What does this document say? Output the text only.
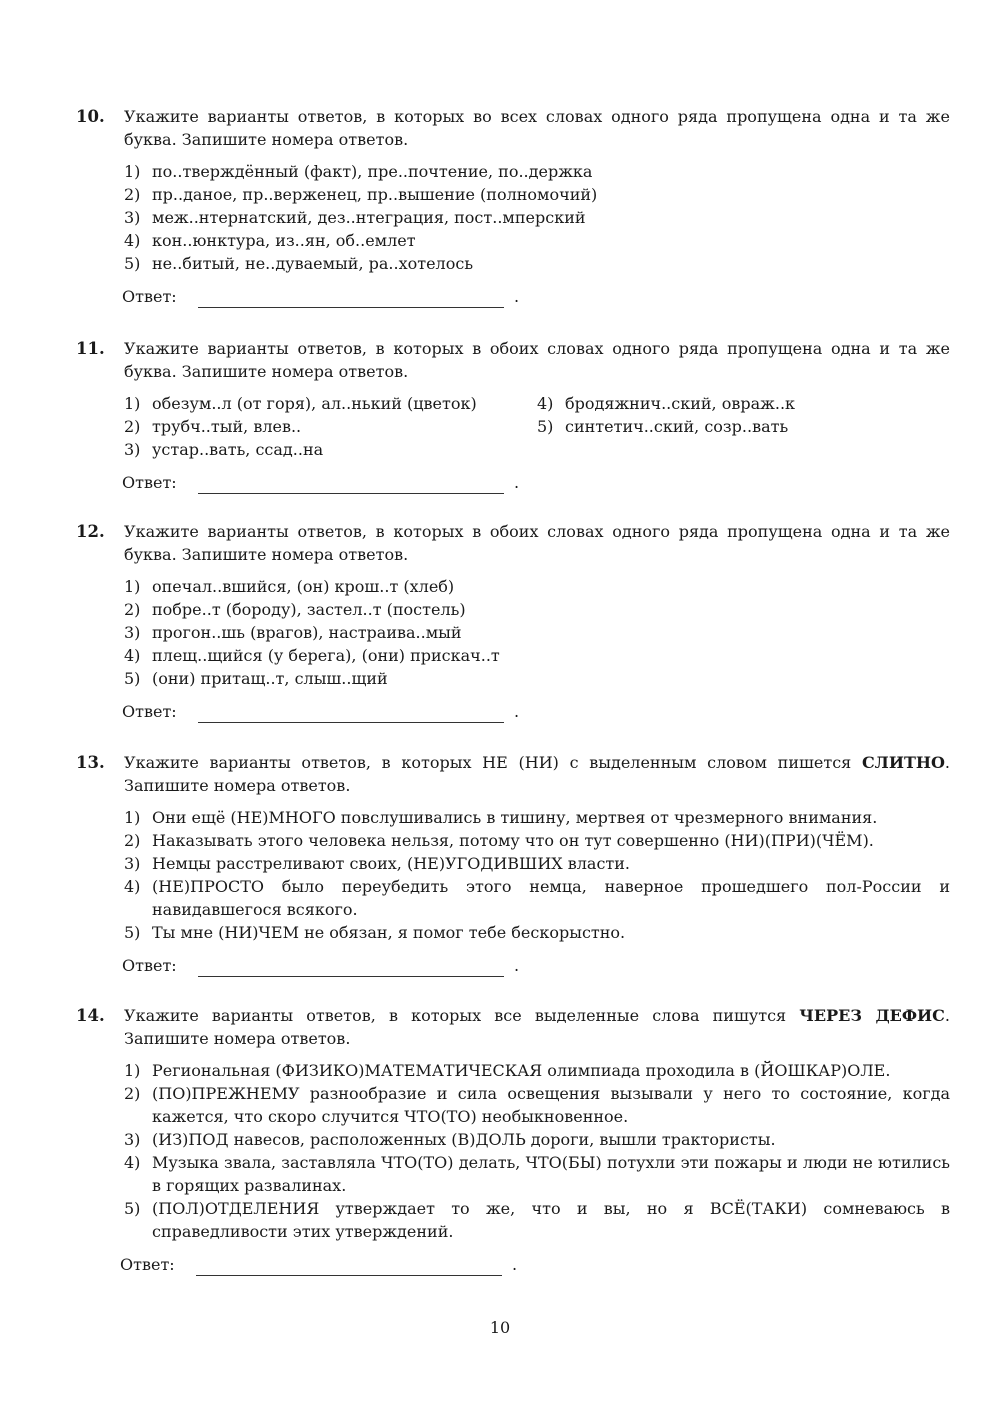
10. Укажите варианты ответов, в которых во всех словах одного ряда пропущена одна и та же буква. Запишите номера ответов.
1) по..тверждённый (факт), пре..почтение, по..держка
2) пр..даное, пр..верженец, пр..вышение (полномочий)
3) меж..нтернатский, дез..нтеграция, пост..мперский
4) кон..юнктура, из..ян, об..емлет
5) не..битый, не..дуваемый, ра..хотелось
Ответ:	.
11. Укажите варианты ответов, в которых в обоих словах одного ряда пропущена одна и та же буква. Запишите номера ответов.
1) обезум..л (от горя), ал..нький (цветок)
2) трубч..тый, влев..
3) устар..вать, ссад..на
4) бродяжнич..ский, овраж..к
5) синтетич..ский, созр..вать
Ответ:	.
12. Укажите варианты ответов, в которых в обоих словах одного ряда пропущена одна и та же буква. Запишите номера ответов.
1) опечал..вшийся, (он) крош..т (хлеб)
2) побре..т (бороду), застел..т (постель)
3) прогон..шь (врагов), настраива..мый
4) плещ..щийся (у берега), (они) прискач..т
5) (они) притащ..т, слыш..щий
Ответ:	.
13. Укажите варианты ответов, в которых НЕ (НИ) с выделенным словом пишется СЛИТНО. Запишите номера ответов.
1) Они ещё (НЕ)МНОГО повслушивались в тишину, мертвея от чрезмерного внимания.
2) Наказывать этого человека нельзя, потому что он тут совершенно (НИ)(ПРИ)(ЧЁМ).
3) Немцы расстреливают своих, (НЕ)УГОДИВШИХ власти.
4) (НЕ)ПРОСТО было переубедить этого немца, наверное прошедшего пол-России и навидавшегося всякого.
5) Ты мне (НИ)ЧЕМ не обязан, я помог тебе бескорыстно.
Ответ:	.
14. Укажите варианты ответов, в которых все выделенные слова пишутся ЧЕРЕЗ ДЕФИС. Запишите номера ответов.
1) Региональная (ФИЗИКО)МАТЕМАТИЧЕСКАЯ олимпиада проходила в (ЙОШКАР)ОЛЕ.
2) (ПО)ПРЕЖНЕМУ разнообразие и сила освещения вызывали у него то состояние, когда кажется, что скоро случится ЧТО(ТО) необыкновенное.
3) (ИЗ)ПОД навесов, расположенных (В)ДОЛЬ дороги, вышли трактористы.
4) Музыка звала, заставляла ЧТО(ТО) делать, ЧТО(БЫ) потухли эти пожары и люди не ютились в горящих развалинах.
5) (ПОЛ)ОТДЕЛЕНИЯ утверждает то же, что и вы, но я ВСЁ(ТАКИ) сомневаюсь в справедливости этих утверждений.
Ответ:	.
10
